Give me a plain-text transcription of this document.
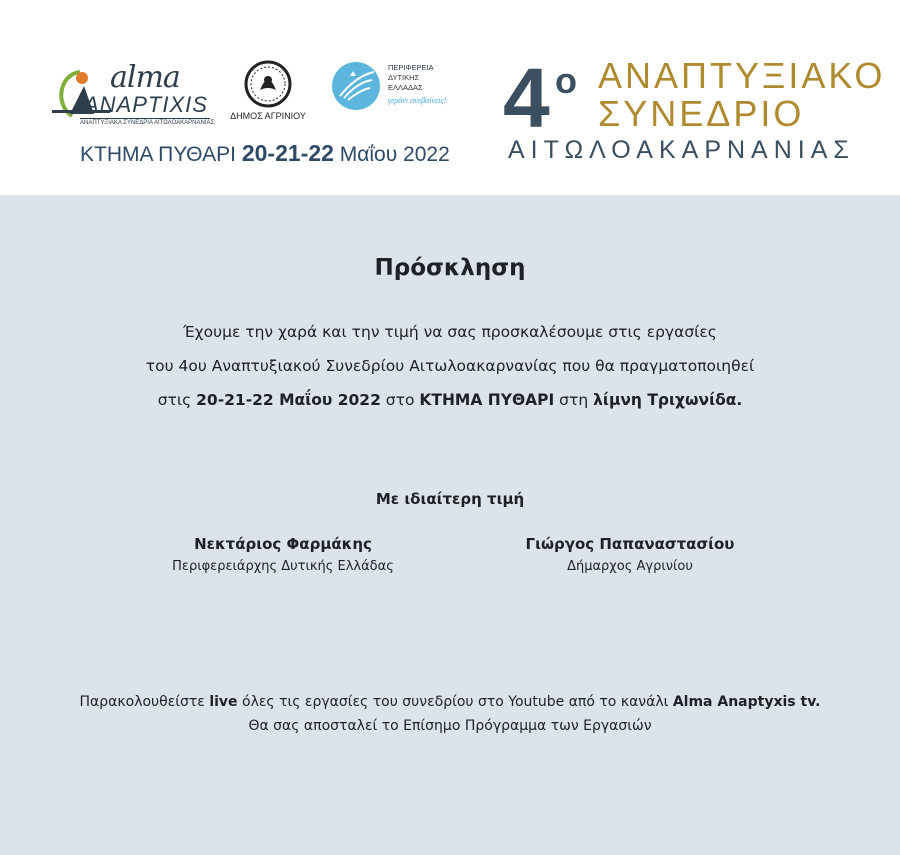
alma
ANAPTIXIS
ΑΝΑΠΤΥΞΙΑΚΑ ΣΥΝΕΔΡΙΑ ΑΙΤΩΛΟΑΚΑΡΝΑΝΙΑΣ
ΔΗΜΟΣ ΑΓΡΙΝΙΟΥ
ΠΕΡΙΦΕΡΕΙΑ
ΔΥΤΙΚΗΣ
ΕΛΛΑΔΑΣ
γεράνι ανεβαίνεις!
ΚΤΗΜΑ ΠΥΘΑΡΙ 20-21-22 Μαΐου 2022
4 ο ΑΝΑΠΤΥΞΙΑΚΟ
ΣΥΝΕΔΡΙΟ
ΑΙΤΩΛΟΑΚΑΡΝΑΝΙΑΣ
Πρόσκληση
Έχουμε την χαρά και την τιμή να σας προσκαλέσουμε στις εργασίες
του 4ου Αναπτυξιακού Συνεδρίου Αιτωλοακαρνανίας που θα πραγματοποιηθεί
στις 20-21-22 Μαΐου 2022 στο ΚΤΗΜΑ ΠΥΘΑΡΙ στη λίμνη Τριχωνίδα.
Με ιδιαίτερη τιμή
Νεκτάριος Φαρμάκης
Περιφερειάρχης Δυτικής Ελλάδας
Γιώργος Παπαναστασίου
Δήμαρχος Αγρινίου
Παρακολουθείστε live όλες τις εργασίες του συνεδρίου στο Youtube από το κανάλι Alma Anaptyxis tv.
Θα σας αποσταλεί το Επίσημο Πρόγραμμα των Εργασιών
